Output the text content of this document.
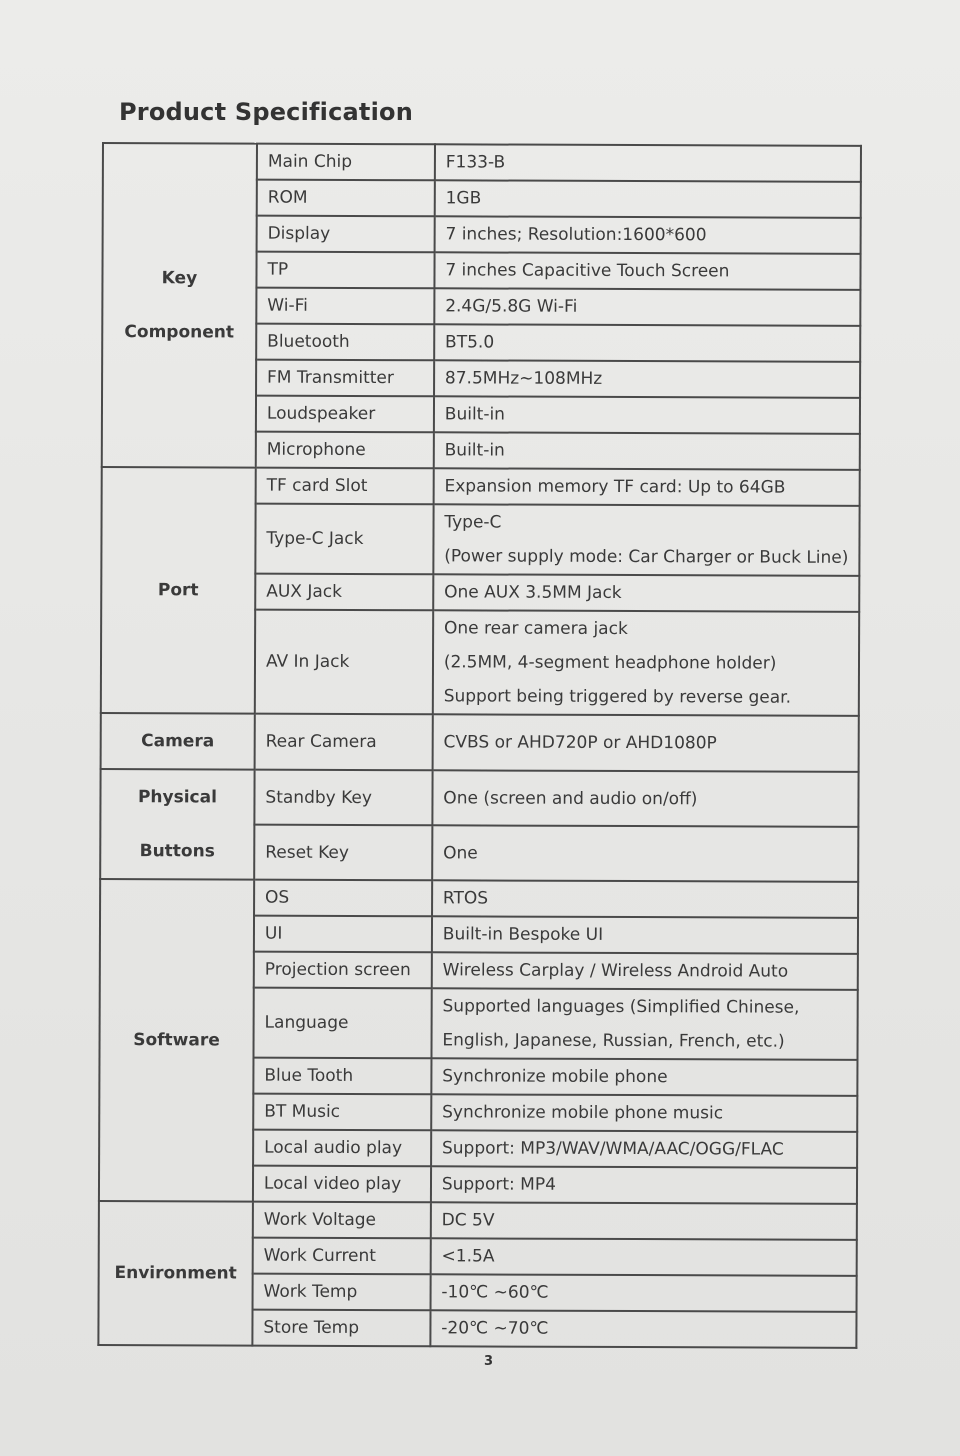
Product Specification
Key Component	Main Chip	F133-B

	ROM	1GB

	Display	7 inches; Resolution:1600*600

	TP	7 inches Capacitive Touch Screen

	Wi-Fi	2.4G/5.8G Wi-Fi

	Bluetooth	BT5.0

	FM Transmitter	87.5MHz~108MHz

	Loudspeaker	Built-in

	Microphone	Built-in

Port	TF card Slot	Expansion memory TF card: Up to 64GB

	Type-C Jack	Type-C
(Power supply mode: Car Charger or Buck Line)

	AUX Jack	One AUX 3.5MM Jack

	AV In Jack	One rear camera jack
(2.5MM, 4-segment headphone holder)
Support being triggered by reverse gear.

Camera	Rear Camera	CVBS or AHD720P or AHD1080P

Physical Buttons	Standby Key	One (screen and audio on/off)

	Reset Key	One

Software	OS	RTOS

	UI	Built-in Bespoke UI

	Projection screen	Wireless Carplay / Wireless Android Auto

	Language	Supported languages (Simplified Chinese,
English, Japanese, Russian, French, etc.)

	Blue Tooth	Synchronize mobile phone

	BT Music	Synchronize mobile phone music

	Local audio play	Support: MP3/WAV/WMA/AAC/OGG/FLAC

	Local video play	Support: MP4

Environment	Work Voltage	DC 5V

	Work Current	<1.5A

	Work Temp	-10℃ ~60℃

	Store Temp	-20℃ ~70℃
3
